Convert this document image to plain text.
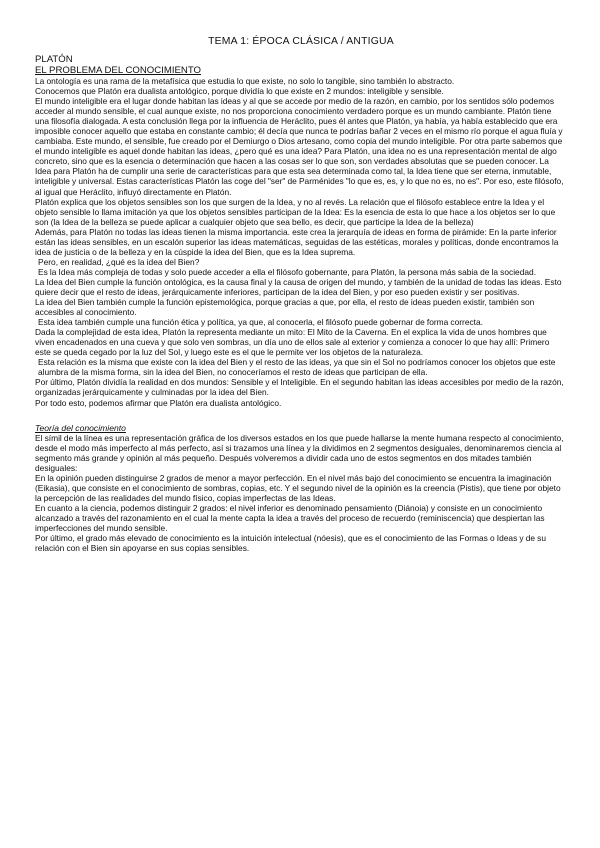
TEMA 1: ÉPOCA CLÁSICA / ANTIGUA
PLATÓN
EL PROBLEMA DEL CONOCIMIENTO

La ontología es una rama de la metafísica que estudia lo que existe, no solo lo tangible, sino también lo abstracto.

Conocemos que Platón era dualista antológico, porque dividía lo que existe en 2 mundos: inteligible y sensible.

El mundo inteligible era el lugar donde habitan las ideas y al que se accede por medio de la razón, en cambio, por los sentidos sólo podemos acceder al mundo sensible, el cual aunque existe, no nos proporciona conocimiento verdadero porque es un mundo cambiante. Platón tiene una filosofía dialogada. A esta conclusión llega por la influencia de Heráclito, pues él antes que Platón, ya había, ya había establecido que era imposible conocer aquello que estaba en constante cambio; él decía que nunca te podrías bañar 2 veces en el mismo río porque el agua fluía y cambiaba. Este mundo, el sensible, fue creado por el Demiurgo o Dios artesano, como copia del mundo inteligible. Por otra parte sabemos que el mundo inteligible es aquel donde habitan las ideas, ¿pero qué es una idea? Para Platón, una idea no es una representación mental de algo concreto, sino que es la esencia o determinación que hacen a las cosas ser lo que son, son verdades absolutas que se pueden conocer. La Idea para Platón ha de cumplir una serie de características para que esta sea determinada como tal, la Idea tiene que ser eterna, inmutable, inteligible y universal. Estas características Platón las coge del "ser" de Parménides "lo que es, es, y lo que no es, no es". Por eso, este filósofo, al igual que Heráclito, influyó directamente en Platón.

Platón explica que los objetos sensibles son los que surgen de la Idea, y no al revés. La relación que el filósofo establece entre la Idea y el objeto sensible lo llama imitación ya que los objetos sensibles participan de la Idea: Es la esencia de esta lo que hace a los objetos ser lo que son (la Idea de la belleza se puede aplicar a cualquier objeto que sea bello, es decir, que participe la Idea de la belleza)

Además, para Platón no todas las ideas tienen la misma importancia. este crea la jerarquía de ideas en forma de pirámide: En la parte inferior están las ideas sensibles, en un escalón superior las ideas matemáticas, seguidas de las estéticas, morales y políticas, donde encontramos la idea de justicia o de la belleza y en la cúspide la idea del Bien, que es la Idea suprema.

Pero, en realidad, ¿qué es la idea del Bien?

Es la Idea más compleja de todas y solo puede acceder a ella el filósofo gobernante, para Platón, la persona más sabia de la sociedad.

La Idea del Bien cumple la función ontológica, es la causa final y la causa de origen del mundo, y también de la unidad de todas las ideas. Esto quiere decir que el resto de ideas, jerárquicamente inferiores, participan de la idea del Bien, y por eso pueden existir y ser positivas.

La idea del Bien también cumple la función epistemológica, porque gracias a que, por ella, el resto de ideas pueden existir, también son accesibles al conocimiento.

Esta idea también cumple una función ética y política, ya que, al conocerla, el filósofo puede gobernar de forma correcta.

Dada la complejidad de esta idea, Platón la representa mediante un mito: El Mito de la Caverna. En el explica la vida de unos hombres que viven encadenados en una cueva y que solo ven sombras, un día uno de ellos sale al exterior y comienza a conocer lo que hay allí: Primero este se queda cegado por la luz del Sol, y luego este es el que le permite ver los objetos de la naturaleza.

Esta relación es la misma que existe con la idea del Bien y el resto de las ideas, ya que sin el Sol no podríamos conocer los objetos que este alumbra de la misma forma, sin la idea del Bien, no conoceríamos el resto de ideas que participan de ella.

Por último, Platón dividía la realidad en dos mundos: Sensible y el Inteligible. En el segundo habitan las ideas accesibles por medio de la razón, organizadas jerárquicamente y culminadas por la idea del Bien.

Por todo esto, podemos afirmar que Platón era dualista antológico.

Teoría del conocimiento

El símil de la línea es una representación gráfica de los diversos estados en los que puede hallarse la mente humana respecto al conocimiento, desde el modo más imperfecto al más perfecto, así si trazamos una línea y la dividimos en 2 segmentos desiguales, denominaremos ciencia al segmento más grande y opinión al más pequeño. Después volveremos a dividir cada uno de estos segmentos en dos mitades también desiguales:

En la opinión pueden distinguirse 2 grados de menor a mayor perfección. En el nivel más bajo del conocimiento se encuentra la imaginación (Eikasia), que consiste en el conocimiento de sombras, copias, etc. Y el segundo nivel de la opinión es la creencia (Pistis), que tiene por objeto la percepción de las realidades del mundo físico, copias imperfectas de las Ideas.

En cuanto a la ciencia, podemos distinguir 2 grados: el nivel inferior es denominado pensamiento (Diánoia) y consiste en un conocimiento alcanzado a través del razonamiento en el cual la mente capta la idea a través del proceso de recuerdo (reminiscencia) que despiertan las imperfecciones del mundo sensible.

Por último, el grado más elevado de conocimiento es la intuición intelectual (nóesis), que es el conocimiento de las Formas o Ideas y de su relación con el Bien sin apoyarse en sus copias sensibles.
